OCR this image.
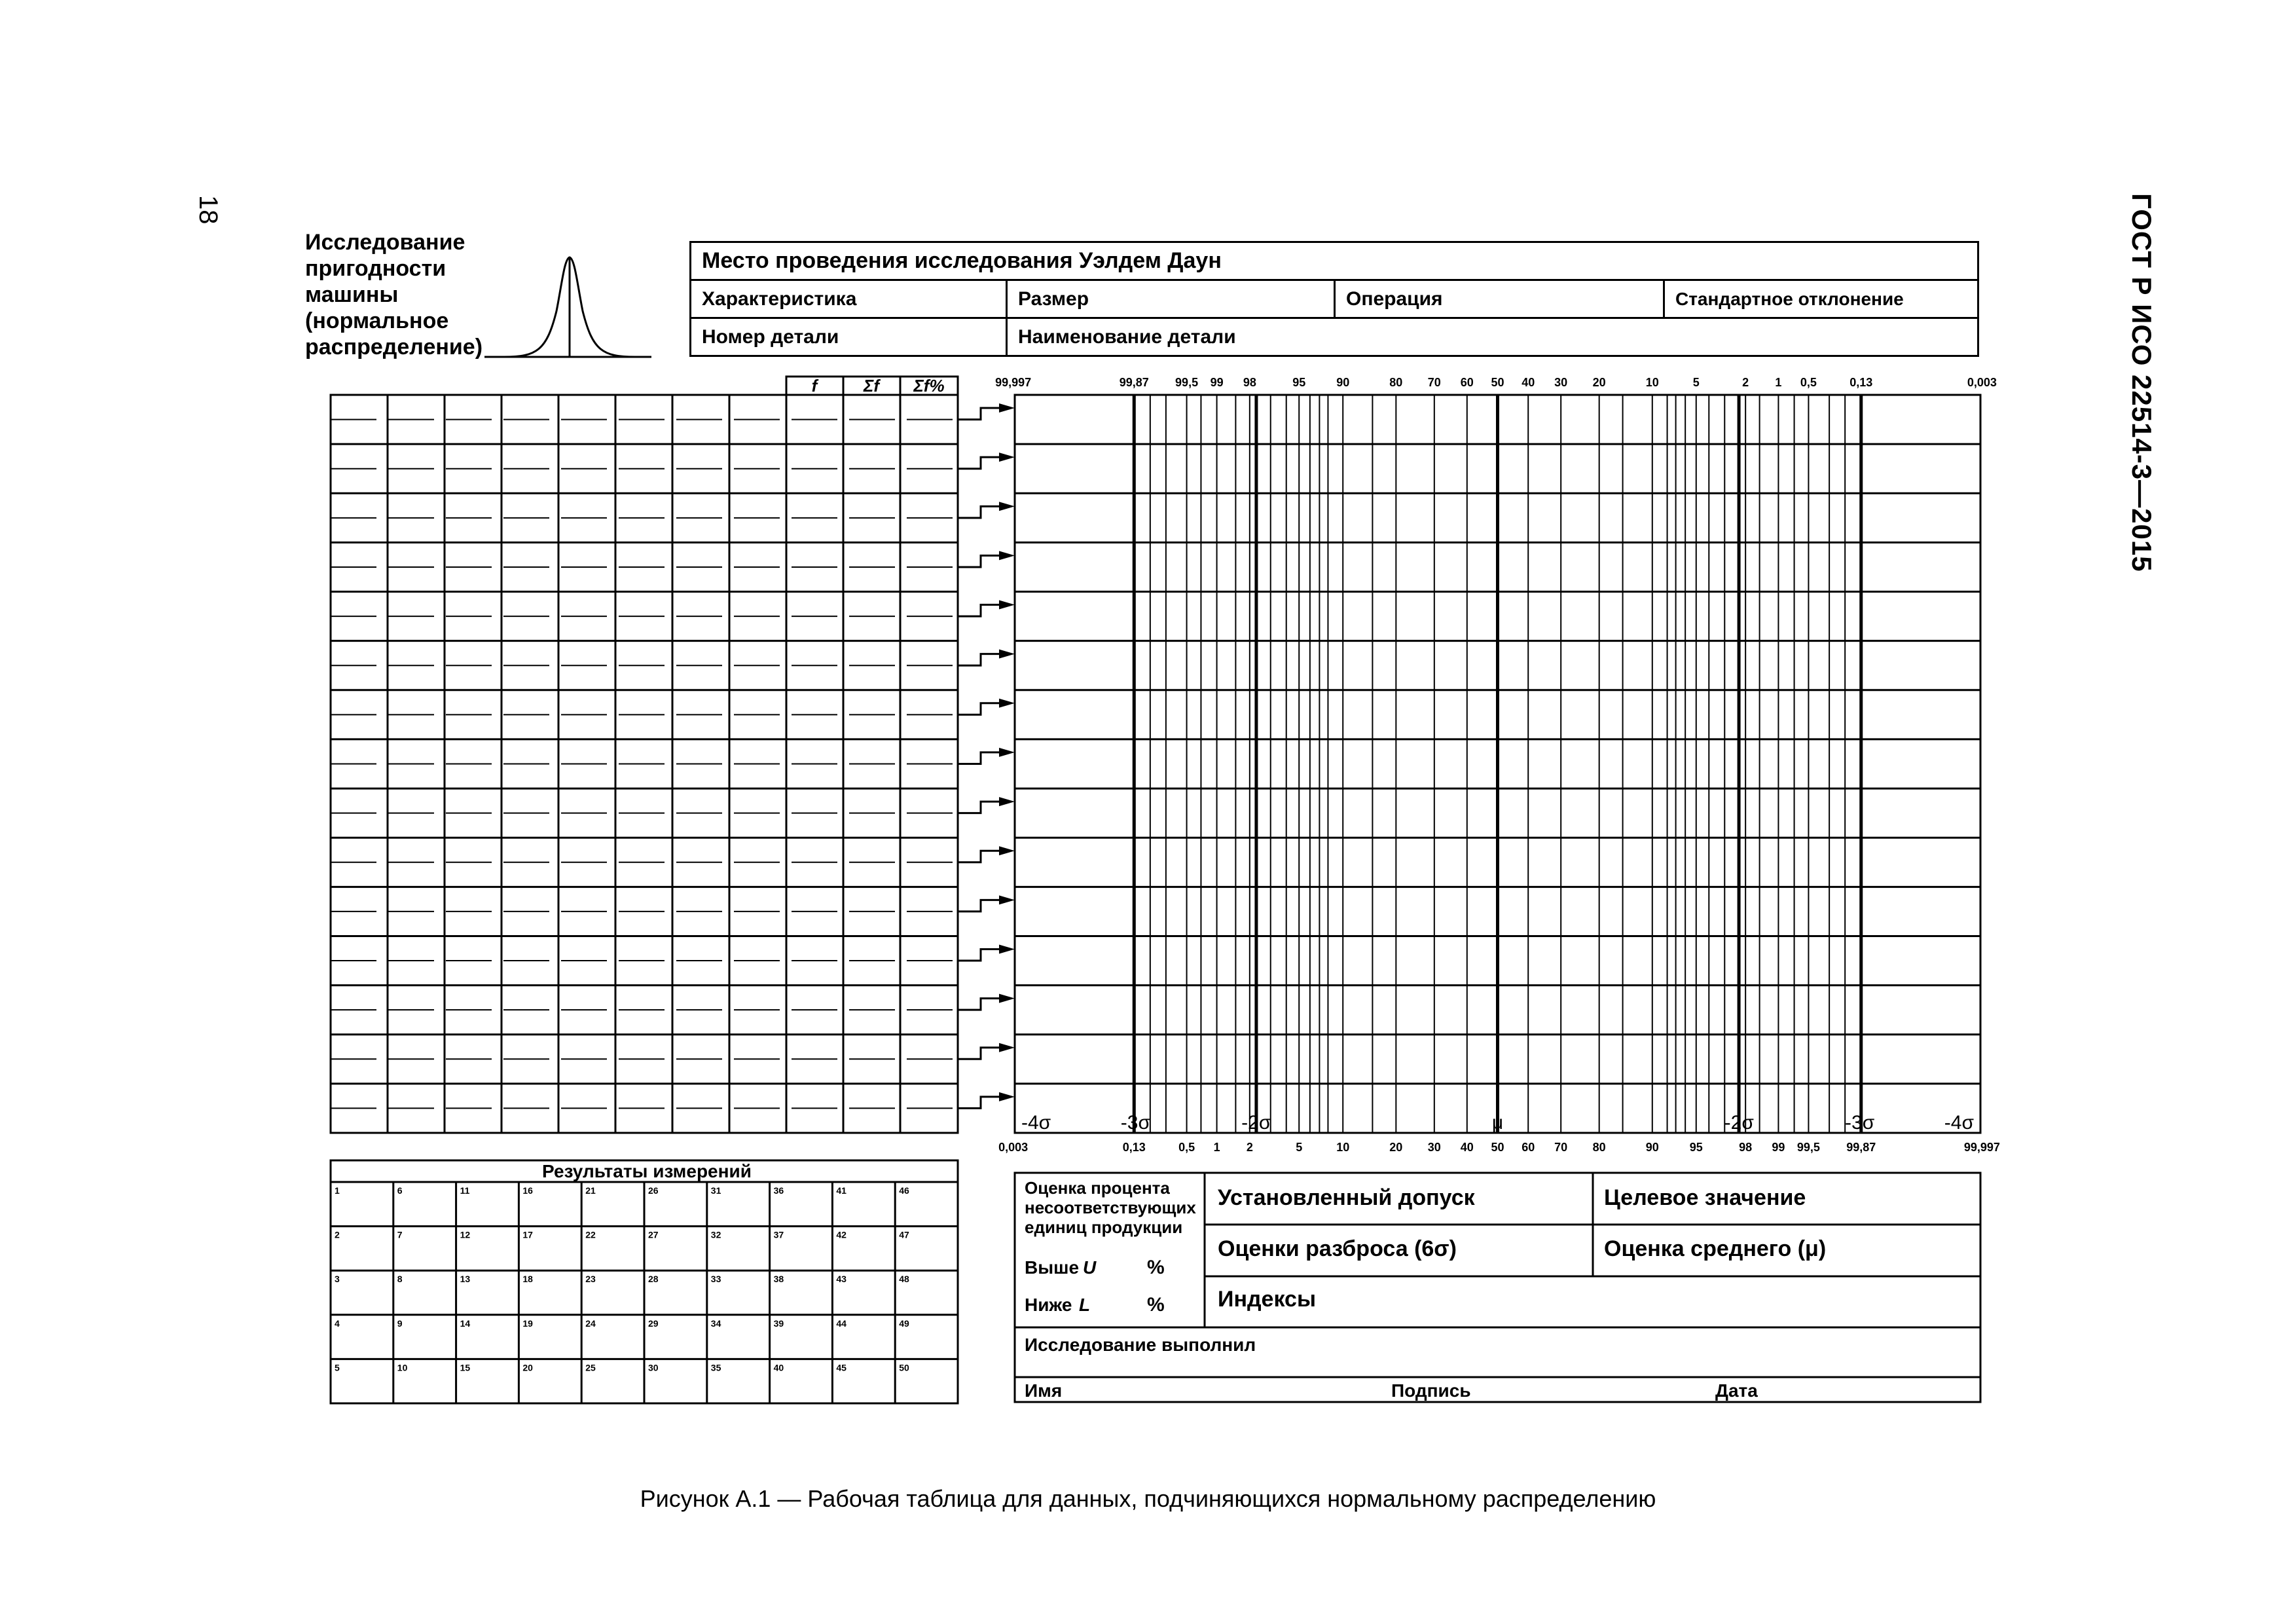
18	ГОСТ Р ИСО 22514-3—2015
Исследование
пригодности
машины
(нормальное
распределение)
Место проведения исследования Уэлдем Даун			
Характеристика	Размер	Операция	Стандартное отклонение
Номер детали	Наименование детали		
f	Σf Σf%	99,997	99,87 99,5 99 98	95	90	80 70 60 50 40 30 20	10	5	2 1 0,5	0,13	0,003
0,003	0,13	0,5 1 2	5	10	20 30 40 50 60 70 80	90	95	98 99 99,5 99,87	99,997
-4σ	-3σ	-2σ	μ	-2σ	-3σ	-4σ
Результаты измерений
1	6	11	16	21	26	31	36	41	46
2	7	12	17	22	27	32	37	42	47
3	8	13	18	23	28	33	38	43	48
4	9	14	19	24	29	34	39	44	49
5	10	15	20	25	30	35	40	45	50
Оценка процента
несоответствующих
единиц продукции
Выше U	%
Ниже L	%
Установленный допуск	Целевое значение
Оценки разброса (6σ)	Оценка среднего (μ)
Индексы
Исследование выполнил
Имя	Подпись	Дата
Рисунок А.1 — Рабочая таблица для данных, подчиняющихся нормальному распределению
